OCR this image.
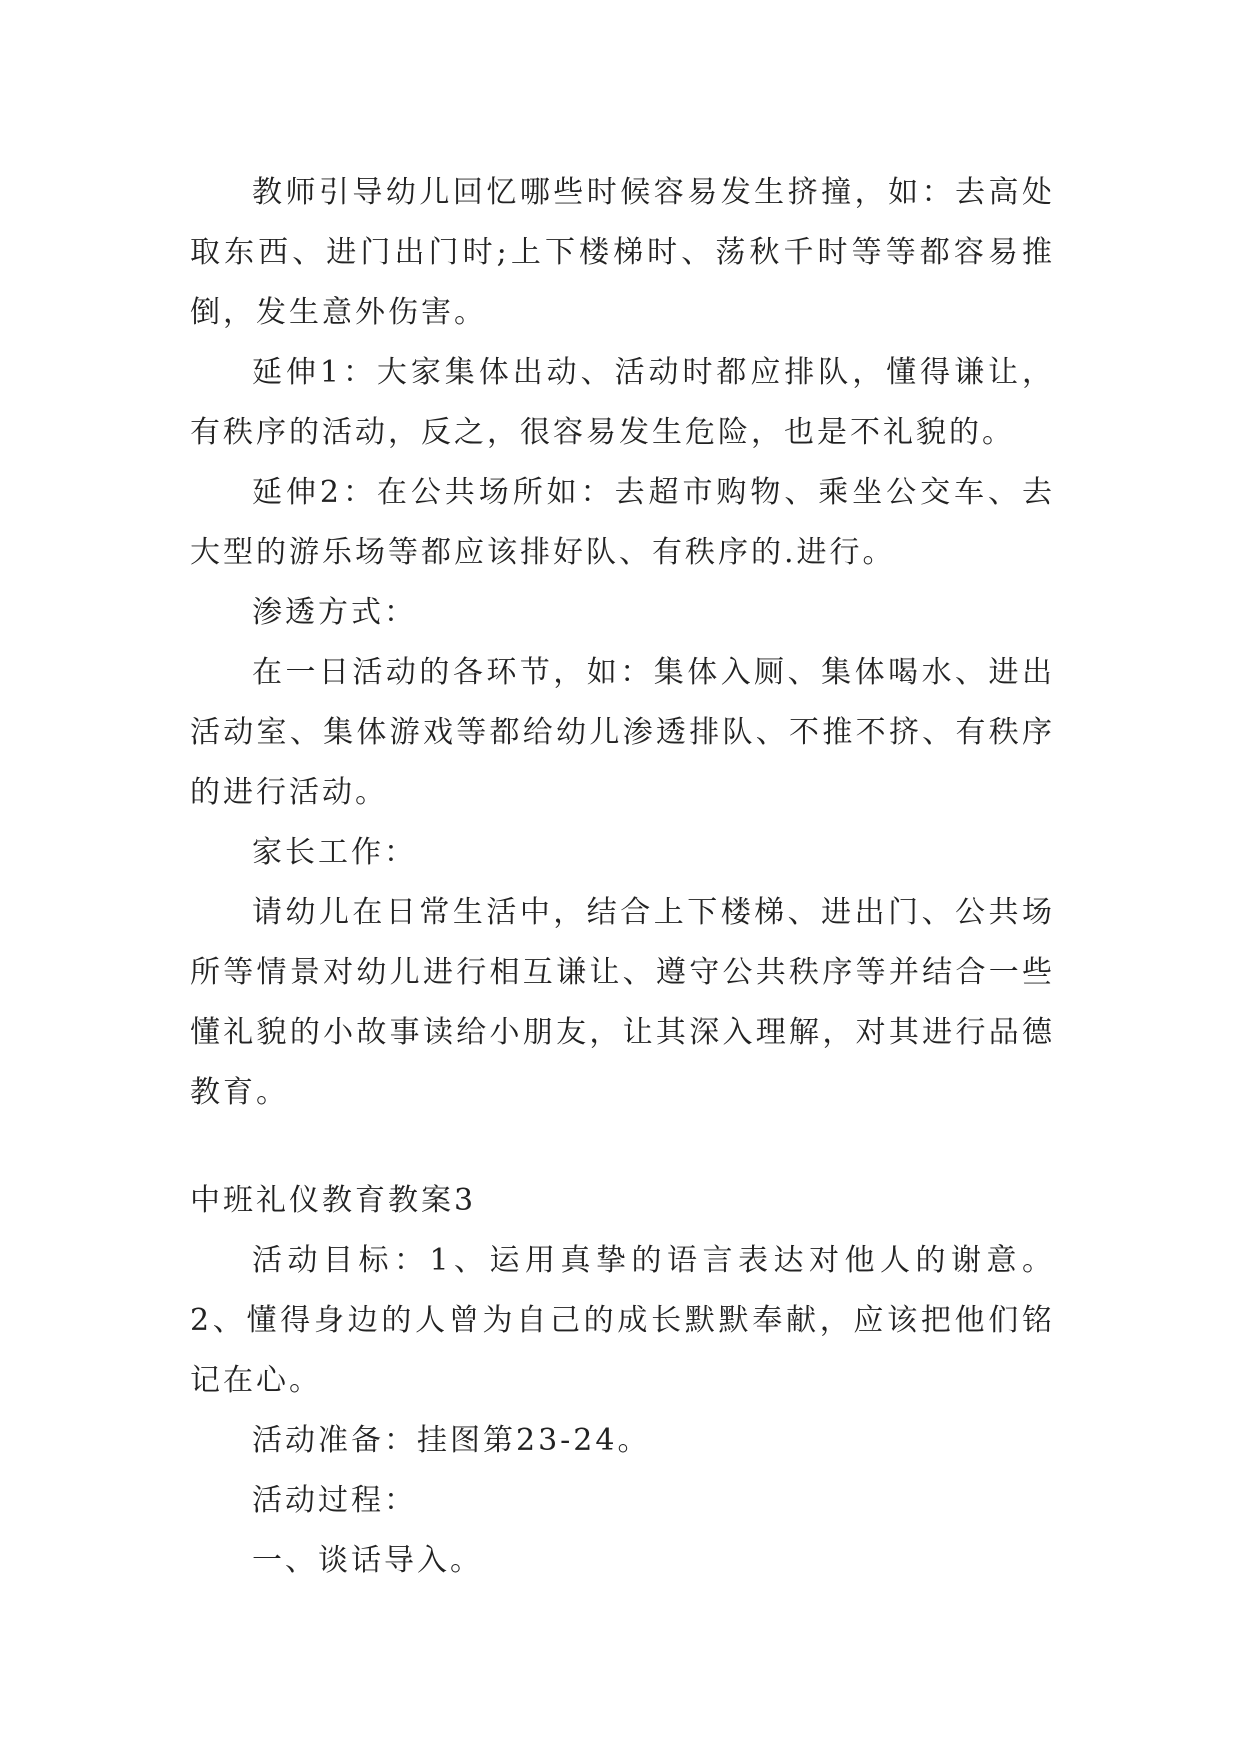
教师引导幼儿回忆哪些时候容易发生挤撞，如：去高处取东西、进门出门时;上下楼梯时、荡秋千时等等都容易推倒，发生意外伤害。

延伸1：大家集体出动、活动时都应排队，懂得谦让，有秩序的活动，反之，很容易发生危险，也是不礼貌的。

延伸2：在公共场所如：去超市购物、乘坐公交车、去大型的游乐场等都应该排好队、有秩序的.进行。

渗透方式：

在一日活动的各环节，如：集体入厕、集体喝水、进出活动室、集体游戏等都给幼儿渗透排队、不推不挤、有秩序的进行活动。

家长工作：

请幼儿在日常生活中，结合上下楼梯、进出门、公共场所等情景对幼儿进行相互谦让、遵守公共秩序等并结合一些懂礼貌的小故事读给小朋友，让其深入理解，对其进行品德教育。

中班礼仪教育教案3

活动目标：1、运用真挚的语言表达对他人的谢意。2、懂得身边的人曾为自己的成长默默奉献，应该把他们铭记在心。

活动准备：挂图第23-24。

活动过程：

一、谈话导入。
